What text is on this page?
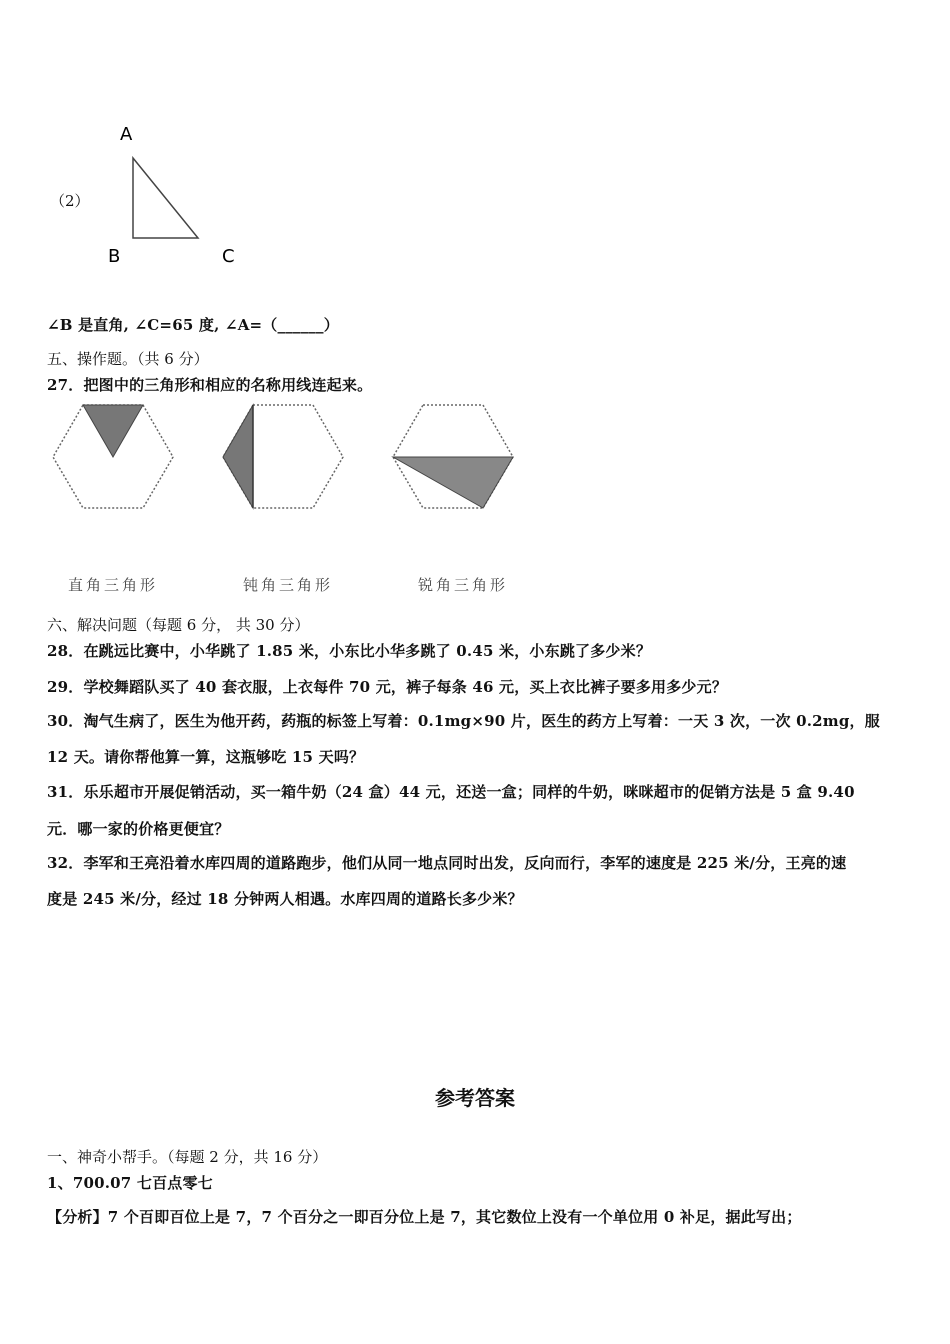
（2）
A
B	C
∠B 是直角, ∠C=65 度, ∠A=（______）
五、操作题。（共 6 分）
27．把图中的三角形和相应的名称用线连起来。
直角三角形	钝角三角形	锐角三角形
六、解决问题（每题 6 分， 共 30 分）
28．在跳远比赛中，小华跳了 1.85 米，小东比小华多跳了 0.45 米，小东跳了多少米？
29．学校舞蹈队买了 40 套衣服，上衣每件 70 元，裤子每条 46 元，买上衣比裤子要多用多少元？
30．淘气生病了，医生为他开药，药瓶的标签上写着：0.1mg×90 片，医生的药方上写着：一天 3 次，一次 0.2mg，服
12 天。请你帮他算一算，这瓶够吃 15 天吗？
31．乐乐超市开展促销活动，买一箱牛奶（24 盒）44 元，还送一盒；同样的牛奶，咪咪超市的促销方法是 5 盒 9.40
元．哪一家的价格更便宜？
32．李军和王亮沿着水库四周的道路跑步，他们从同一地点同时出发，反向而行，李军的速度是 225 米/分，王亮的速
度是 245 米/分，经过 18 分钟两人相遇。水库四周的道路长多少米？
参考答案
一、神奇小帮手。（每题 2 分，共 16 分）
1、700.07 七百点零七
【分析】7 个百即百位上是 7，7 个百分之一即百分位上是 7，其它数位上没有一个单位用 0 补足，据此写出；
